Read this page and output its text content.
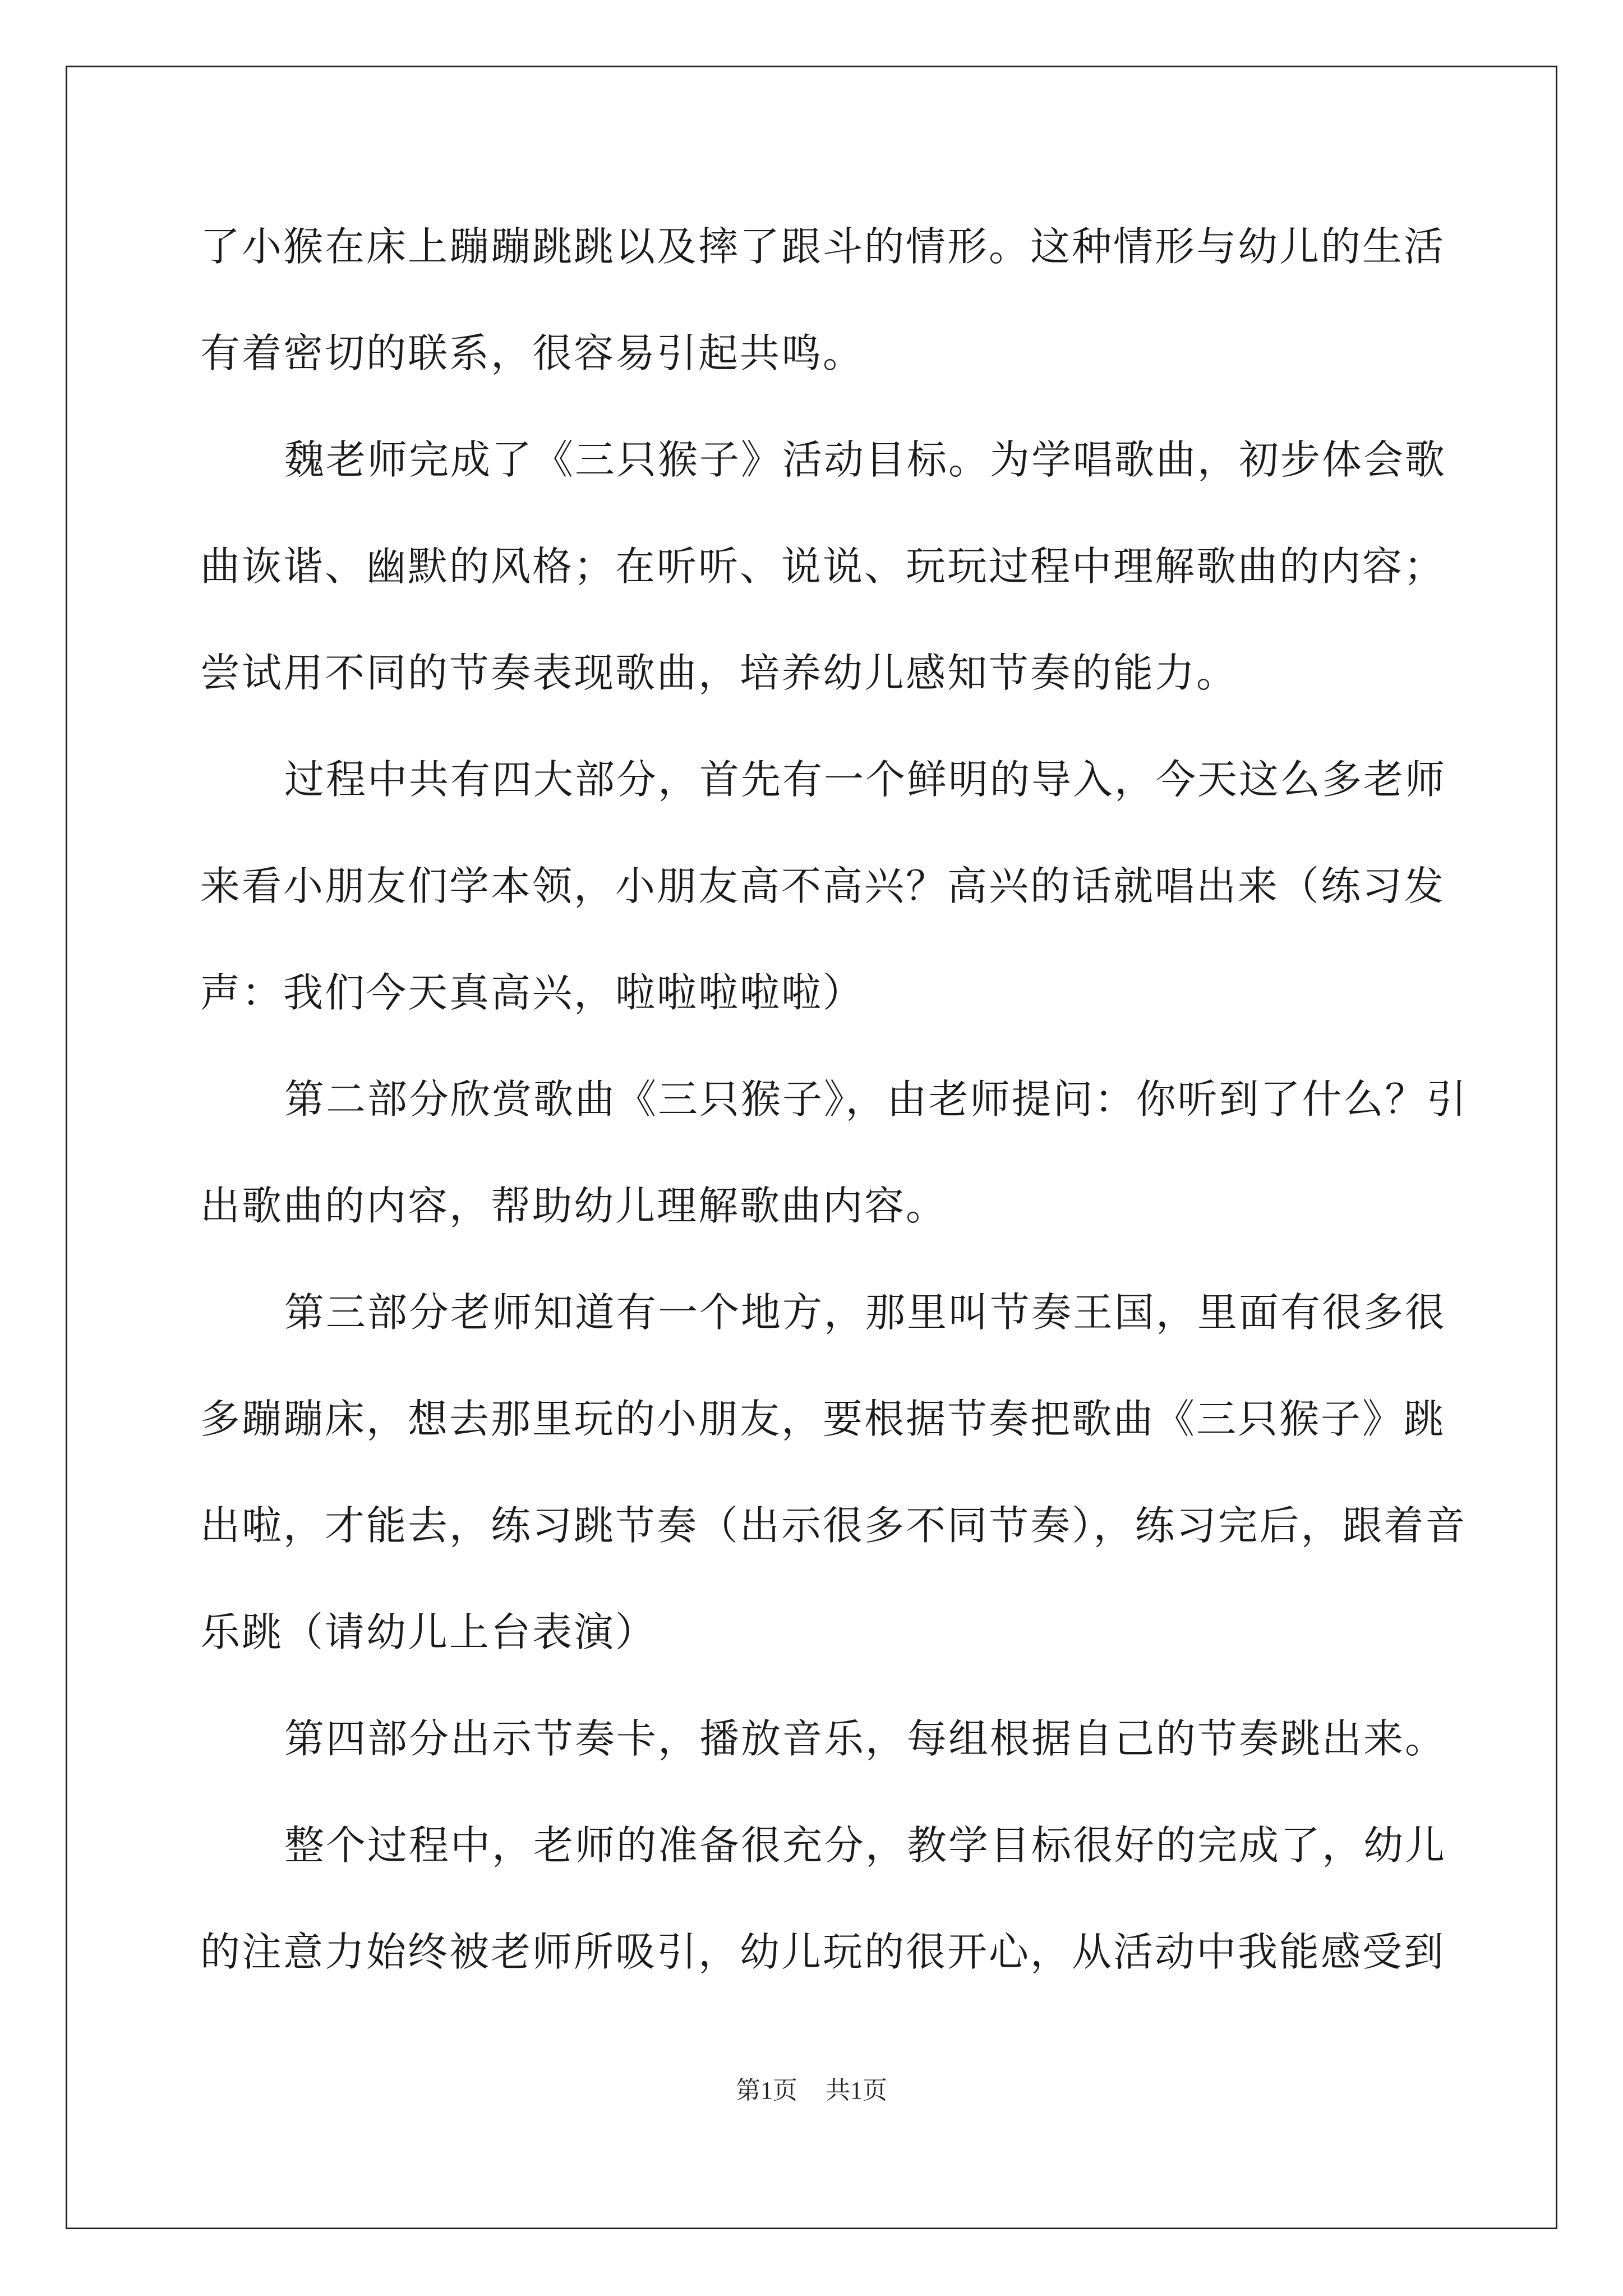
了小猴在床上蹦蹦跳跳以及摔了跟斗的情形。这种情形与幼儿的生活
有着密切的联系，很容易引起共鸣。
魏老师完成了《三只猴子》活动目标。为学唱歌曲，初步体会歌
曲诙谐、幽默的风格；在听听、说说、玩玩过程中理解歌曲的内容；
尝试用不同的节奏表现歌曲，培养幼儿感知节奏的能力。
过程中共有四大部分，首先有一个鲜明的导入，今天这么多老师
来看小朋友们学本领，小朋友高不高兴？高兴的话就唱出来（练习发
声：我们今天真高兴，啦啦啦啦啦）
第二部分欣赏歌曲《三只猴子》，由老师提问：你听到了什么？引
出歌曲的内容，帮助幼儿理解歌曲内容。
第三部分老师知道有一个地方，那里叫节奏王国，里面有很多很
多蹦蹦床，想去那里玩的小朋友，要根据节奏把歌曲《三只猴子》跳
出啦，才能去，练习跳节奏（出示很多不同节奏），练习完后，跟着音
乐跳（请幼儿上台表演）
第四部分出示节奏卡，播放音乐，每组根据自己的节奏跳出来。
整个过程中，老师的准备很充分，教学目标很好的完成了，幼儿
的注意力始终被老师所吸引，幼儿玩的很开心，从活动中我能感受到
第1页 共1页
